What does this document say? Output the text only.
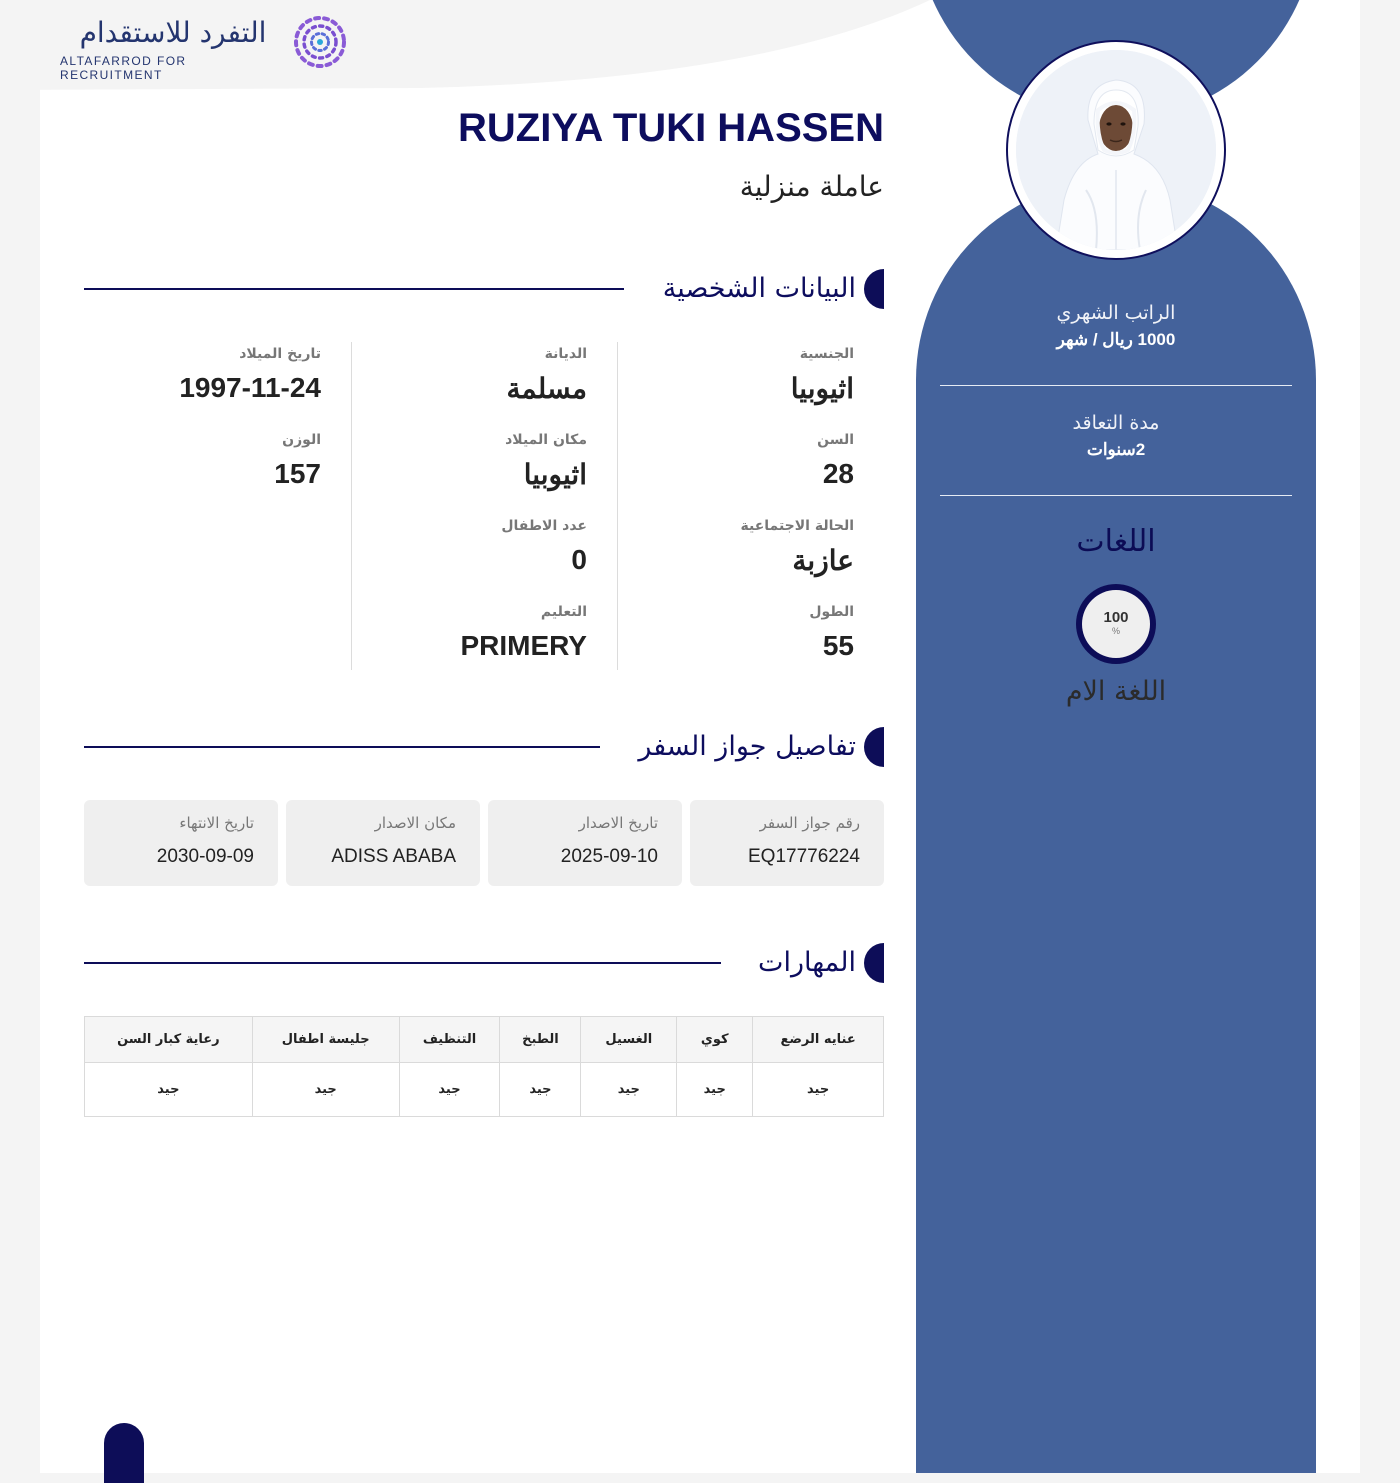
التفرد للاستقدام
ALTAFARROD FOR RECRUITMENT
الراتب الشهري
1000 ريال / شهر
مدة التعاقد
2سنوات
اللغات
100
%
اللغة الام
RUZIYA TUKI HASSEN
عاملة منزلية
البيانات الشخصية
الجنسية
اثيوبيا
السن
28
الحالة الاجتماعية
عازبة
الطول
55
الديانة
مسلمة
مكان الميلاد
اثيوبيا
عدد الاطفال
0
التعليم
PRIMERY
تاريخ الميلاد
1997-11-24
الوزن
157
تفاصيل جواز السفر
رقم جواز السفر
EQ17776224
تاريخ الاصدار
2025-09-10
مكان الاصدار
ADISS ABABA
تاريخ الانتهاء
2030-09-09
المهارات
عنايه الرضع	كوي	الغسيل	الطبخ	التنظيف	جليسة اطفال	رعاية كبار السن
جيد	جيد	جيد	جيد	جيد	جيد	جيد
